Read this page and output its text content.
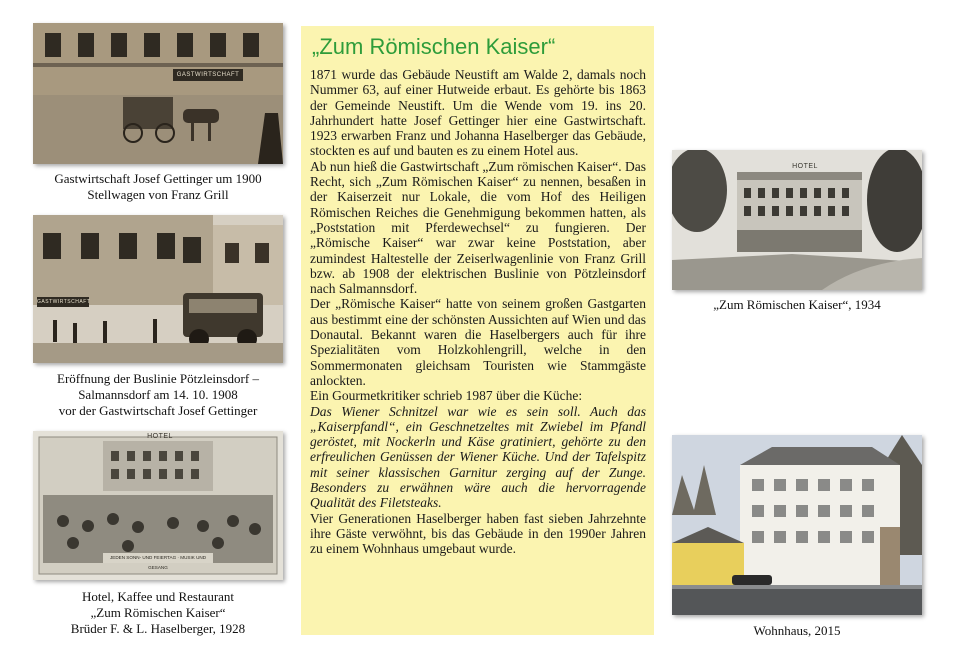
GASTWIRTSCHAFT
Gastwirtschaft Josef Gettinger um 1900
Stellwagen von Franz Grill
GASTWIRTSCHAFT
Eröffnung der Buslinie Pötzleinsdorf –
Salmannsdorf am 14. 10. 1908
vor der Gastwirtschaft Josef Gettinger
HOTEL
JEDEN SONN- UND FEIERTAG · MUSIK UND GESANG
Hotel, Kaffee und Restaurant
„Zum Römischen Kaiser“
Brüder F. & L. Haselberger, 1928
„Zum Römischen Kaiser“

1871 wurde das Gebäude Neustift am Walde 2, damals noch Nummer 63, auf einer Hutweide erbaut. Es gehörte bis 1863 der Gemeinde Neustift. Um die Wende vom 19. ins 20. Jahrhundert hatte Josef Gettinger hier eine Gastwirtschaft. 1923 erwarben Franz und Johanna Haselberger das Gebäude, stockten es auf und bauten es zu einem Hotel aus.

Ab nun hieß die Gastwirtschaft „Zum römischen Kaiser“. Das Recht, sich „Zum Römischen Kaiser“ zu nennen, besaßen in der Kaiserzeit nur Lokale, die vom Hof des Heiligen Römischen Reiches die Genehmigung bekommen hatten, als „Poststation mit Pferdewechsel“ zu fungieren. Der „Römische Kaiser“ war zwar keine Poststation, aber zumindest Haltestelle der Zeiserlwagenlinie von Franz Grill bzw. ab 1908 der elektrischen Buslinie von Pötzleinsdorf nach Salmannsdorf.

Der „Römische Kaiser“ hatte von seinem großen Gastgarten aus bestimmt eine der schönsten Aussichten auf Wien und das Donautal. Bekannt waren die Haselbergers auch für ihre Spezialitäten vom Holzkohlengrill, welche in den Sommermonaten gleichsam Touristen wie Stammgäste anlockten.

Ein Gourmetkritiker schrieb 1987 über die Küche:

Das Wiener Schnitzel war wie es sein soll. Auch das „Kaiserpfandl“, ein Geschnetzeltes mit Zwiebel im Pfandl geröstet, mit Nockerln und Käse gratiniert, gehörte zu den erfreulichen Genüssen der Wiener Küche. Und der Tafelspitz mit seiner klassischen Garnitur zerging auf der Zunge. Besonders zu erwähnen wäre auch die hervorragende Qualität des Filetsteaks.

Vier Generationen Haselberger haben fast sieben Jahrzehnte ihre Gäste verwöhnt, bis das Gebäude in den 1990er Jahren zu einem Wohnhaus umgebaut wurde.

HOTEL
„Zum Römischen Kaiser“, 1934
Wohnhaus, 2015
